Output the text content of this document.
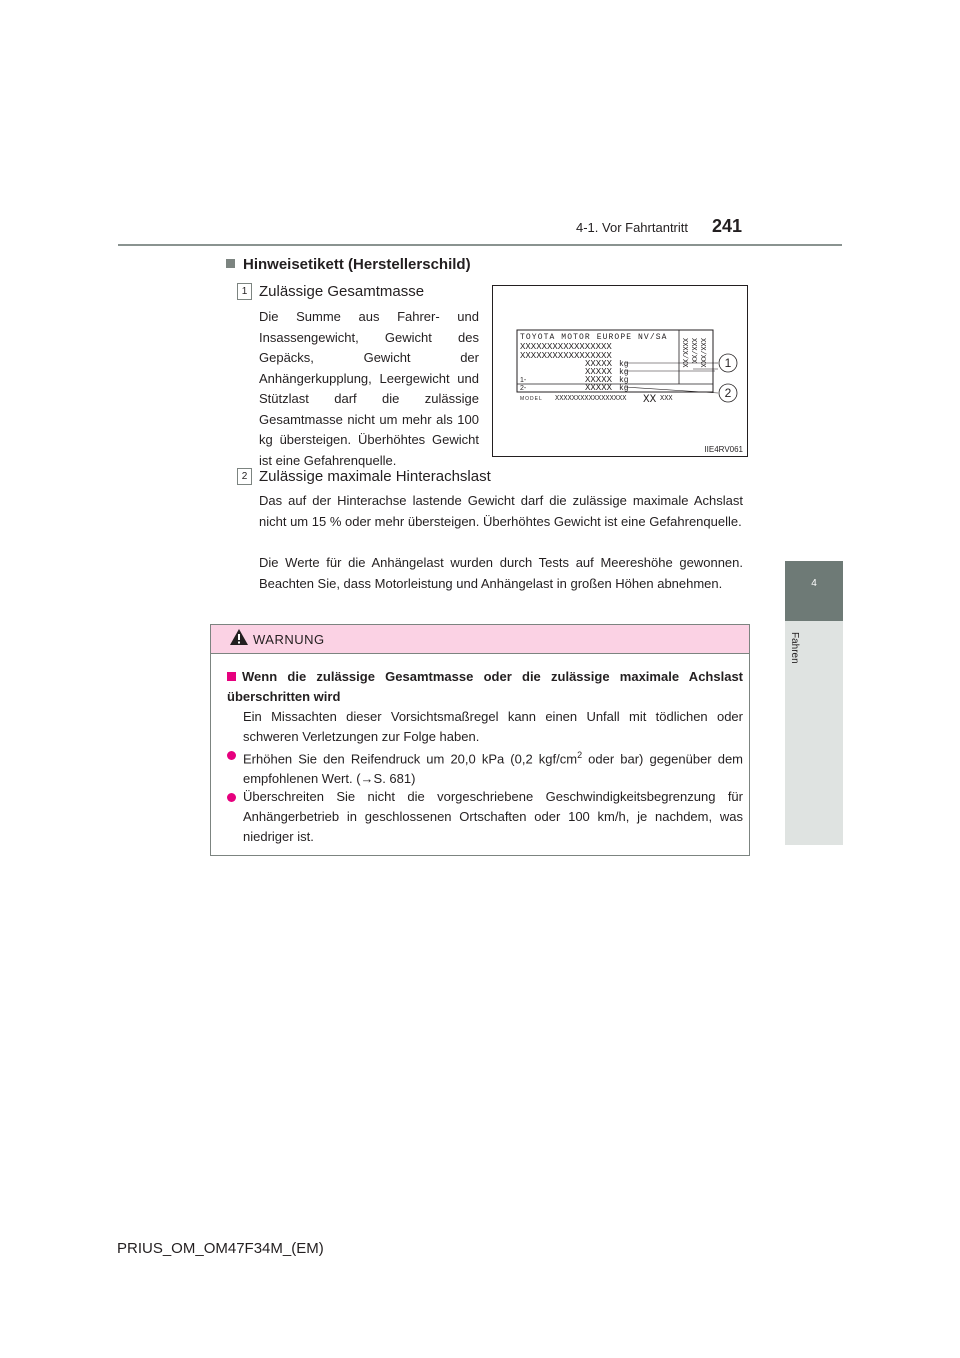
4-1. Vor Fahrtantritt 241
4
Fahren
Hinweisetikett (Herstellerschild)
1 Zulässige Gesamtmasse
Die Summe aus Fahrer- und Insassengewicht, Gewicht des Gepäcks, Gewicht der Anhängerkupplung, Leergewicht und Stützlast darf die zulässige Gesamtmasse nicht um mehr als 100 kg übersteigen. Überhöhtes Gewicht ist eine Gefahrenquelle.
TOYOTA MOTOR EUROPE NV/SA
XXXXXXXXXXXXXXXXX
XXXXXXXXXXXXXXXXX
XXXXX kg
XXXXX kg
1-	XXXXX kg
2-	XXXXX kg
MODEL XXXXXXXXXXXXXXXXX XX XXX
XXXX/XX XXX/XX XXX/XXX 1
2
IIE4RV061
2 Zulässige maximale Hinterachslast
Das auf der Hinterachse lastende Gewicht darf die zulässige maximale Achslast nicht um 15 % oder mehr übersteigen. Überhöhtes Gewicht ist eine Gefahrenquelle.
Die Werte für die Anhängelast wurden durch Tests auf Meereshöhe gewonnen. Beachten Sie, dass Motorleistung und Anhängelast in großen Höhen abnehmen.
WARNUNG
Wenn die zulässige Gesamtmasse oder die zulässige maximale Achslast überschritten wird
Ein Missachten dieser Vorsichtsmaßregel kann einen Unfall mit tödlichen oder schweren Verletzungen zur Folge haben.
Erhöhen Sie den Reifendruck um 20,0 kPa (0,2 kgf/$cm^2$ oder bar) gegenüber dem empfohlenen Wert. (→S. 681)
Überschreiten Sie nicht die vorgeschriebene Geschwindigkeitsbegrenzung für Anhängerbetrieb in geschlossenen Ortschaften oder 100 km/h, je nachdem, was niedriger ist.
PRIUS_OM_OM47F34M_(EM)
